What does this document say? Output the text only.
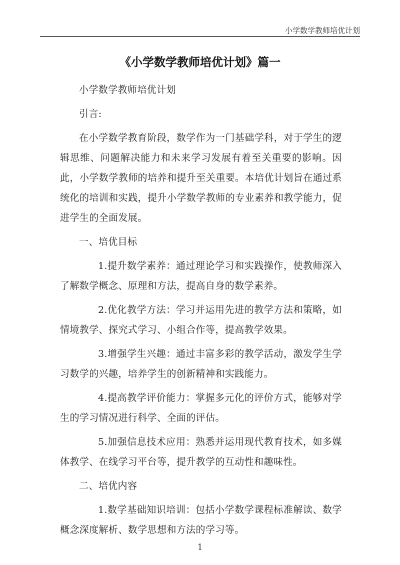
小学数学教师培优计划
《小学数学教师培优计划》篇一

小学数学教师培优计划

引言:

在小学数学教育阶段，数学作为一门基础学科，对于学生的逻辑思维、问题解决能力和未来学习发展有着至关重要的影响。因此，小学数学教师的培养和提升至关重要。本培优计划旨在通过系统化的培训和实践，提升小学数学教师的专业素养和教学能力，促进学生的全面发展。

一、培优目标

1.提升数学素养：通过理论学习和实践操作，使教师深入了解数学概念、原理和方法，提高自身的数学素养。

2.优化教学方法：学习并运用先进的教学方法和策略，如情境教学、探究式学习、小组合作等，提高教学效果。

3.增强学生兴趣：通过丰富多彩的教学活动，激发学生学习数学的兴趣，培养学生的创新精神和实践能力。

4.提高教学评价能力：掌握多元化的评价方式，能够对学生的学习情况进行科学、全面的评估。

5.加强信息技术应用：熟悉并运用现代教育技术，如多媒体教学、在线学习平台等，提升教学的互动性和趣味性。

二、培优内容

1.数学基础知识培训：包括小学数学课程标准解读、数学概念深度解析、数学思想和方法的学习等。

1
